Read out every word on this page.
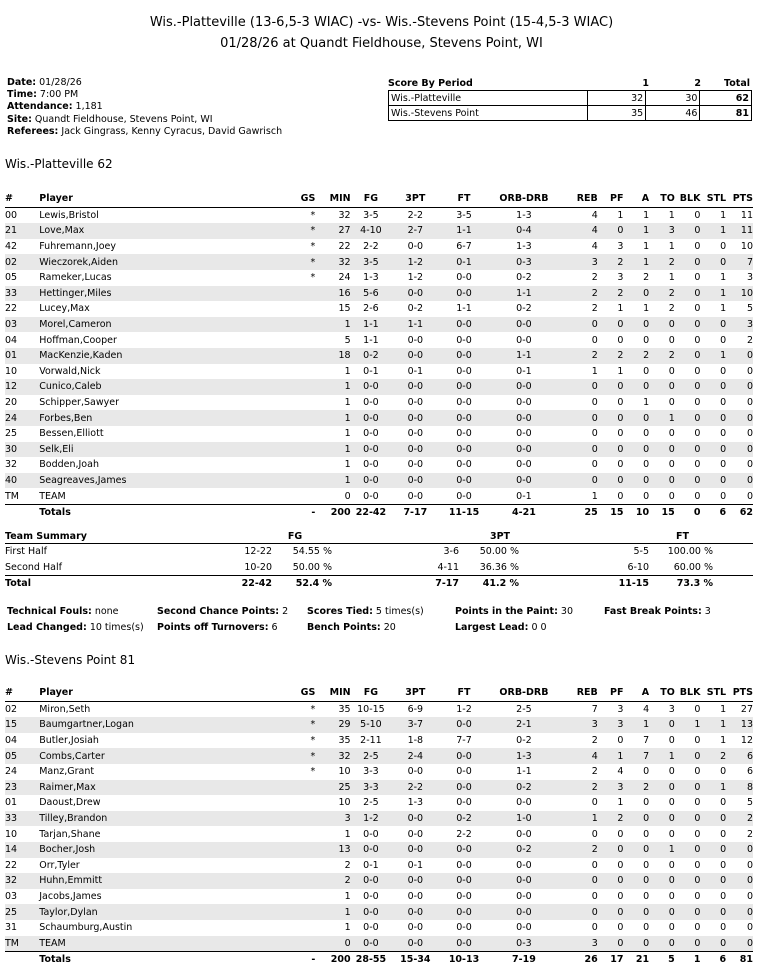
Wis.-Platteville (13-6,5-3 WIAC) -vs- Wis.-Stevens Point (15-4,5-3 WIAC)
01/28/26 at Quandt Fieldhouse, Stevens Point, WI
Date: 01/28/26
Time: 7:00 PM
Attendance: 1,181
Site: Quandt Fieldhouse, Stevens Point, WI
Referees: Jack Gingrass, Kenny Cyracus, David Gawrisch
Score By Period	1	2	Total
Wis.-Platteville	32	30	62
Wis.-Stevens Point	35	46	81
Wis.-Platteville 62
#	Player	GS	MIN	FG	3PT	FT	ORB-DRB	REB	PF	A	TO	BLK	STL	PTS
00	Lewis,Bristol	*	32	3-5	2-2	3-5	1-3	4	1	1	1	0	1	11
21	Love,Max	*	27	4-10	2-7	1-1	0-4	4	0	1	3	0	1	11
42	Fuhremann,Joey	*	22	2-2	0-0	6-7	1-3	4	3	1	1	0	0	10
02	Wieczorek,Aiden	*	32	3-5	1-2	0-1	0-3	3	2	1	2	0	0	7
05	Rameker,Lucas	*	24	1-3	1-2	0-0	0-2	2	3	2	1	0	1	3
33	Hettinger,Miles		16	5-6	0-0	0-0	1-1	2	2	0	2	0	1	10
22	Lucey,Max		15	2-6	0-2	1-1	0-2	2	1	1	2	0	1	5
03	Morel,Cameron		1	1-1	1-1	0-0	0-0	0	0	0	0	0	0	3
04	Hoffman,Cooper		5	1-1	0-0	0-0	0-0	0	0	0	0	0	0	2
01	MacKenzie,Kaden		18	0-2	0-0	0-0	1-1	2	2	2	2	0	1	0
10	Vorwald,Nick		1	0-1	0-1	0-0	0-1	1	1	0	0	0	0	0
12	Cunico,Caleb		1	0-0	0-0	0-0	0-0	0	0	0	0	0	0	0
20	Schipper,Sawyer		1	0-0	0-0	0-0	0-0	0	0	1	0	0	0	0
24	Forbes,Ben		1	0-0	0-0	0-0	0-0	0	0	0	1	0	0	0
25	Bessen,Elliott		1	0-0	0-0	0-0	0-0	0	0	0	0	0	0	0
30	Selk,Eli		1	0-0	0-0	0-0	0-0	0	0	0	0	0	0	0
32	Bodden,Joah		1	0-0	0-0	0-0	0-0	0	0	0	0	0	0	0
40	Seagreaves,James		1	0-0	0-0	0-0	0-0	0	0	0	0	0	0	0
TM	TEAM		0	0-0	0-0	0-0	0-1	1	0	0	0	0	0	0
	Totals	-	200	22-42	7-17	11-15	4-21	25	15	10	15	0	6	62
Team Summary	FG	3PT	FT
First Half	12-22	54.55 %	3-6	50.00 %	5-5	100.00 %
Second Half	10-20	50.00 %	4-11	36.36 %	6-10	60.00 %
Total	22-42	52.4 %	7-17	41.2 %	11-15	73.3 %
Technical Fouls: none	Second Chance Points: 2 Scores Tied: 5 times(s)	Points in the Paint: 30	Fast Break Points: 3
Lead Changed: 10 times(s) Points off Turnovers: 6	Bench Points: 20	Largest Lead: 0 0
Wis.-Stevens Point 81
#	Player	GS	MIN	FG	3PT	FT	ORB-DRB	REB	PF	A	TO	BLK	STL	PTS
02	Miron,Seth	*	35	10-15	6-9	1-2	2-5	7	3	4	3	0	1	27
15	Baumgartner,Logan	*	29	5-10	3-7	0-0	2-1	3	3	1	0	1	1	13
04	Butler,Josiah	*	35	2-11	1-8	7-7	0-2	2	0	7	0	0	1	12
05	Combs,Carter	*	32	2-5	2-4	0-0	1-3	4	1	7	1	0	2	6
24	Manz,Grant	*	10	3-3	0-0	0-0	1-1	2	4	0	0	0	0	6
23	Raimer,Max		25	3-3	2-2	0-0	0-2	2	3	2	0	0	1	8
01	Daoust,Drew		10	2-5	1-3	0-0	0-0	0	1	0	0	0	0	5
33	Tilley,Brandon		3	1-2	0-0	0-2	1-0	1	2	0	0	0	0	2
10	Tarjan,Shane		1	0-0	0-0	2-2	0-0	0	0	0	0	0	0	2
14	Bocher,Josh		13	0-0	0-0	0-0	0-2	2	0	0	1	0	0	0
22	Orr,Tyler		2	0-1	0-1	0-0	0-0	0	0	0	0	0	0	0
32	Huhn,Emmitt		2	0-0	0-0	0-0	0-0	0	0	0	0	0	0	0
03	Jacobs,James		1	0-0	0-0	0-0	0-0	0	0	0	0	0	0	0
25	Taylor,Dylan		1	0-0	0-0	0-0	0-0	0	0	0	0	0	0	0
31	Schaumburg,Austin		1	0-0	0-0	0-0	0-0	0	0	0	0	0	0	0
TM	TEAM		0	0-0	0-0	0-0	0-3	3	0	0	0	0	0	0
	Totals	-	200	28-55	15-34	10-13	7-19	26	17	21	5	1	6	81
